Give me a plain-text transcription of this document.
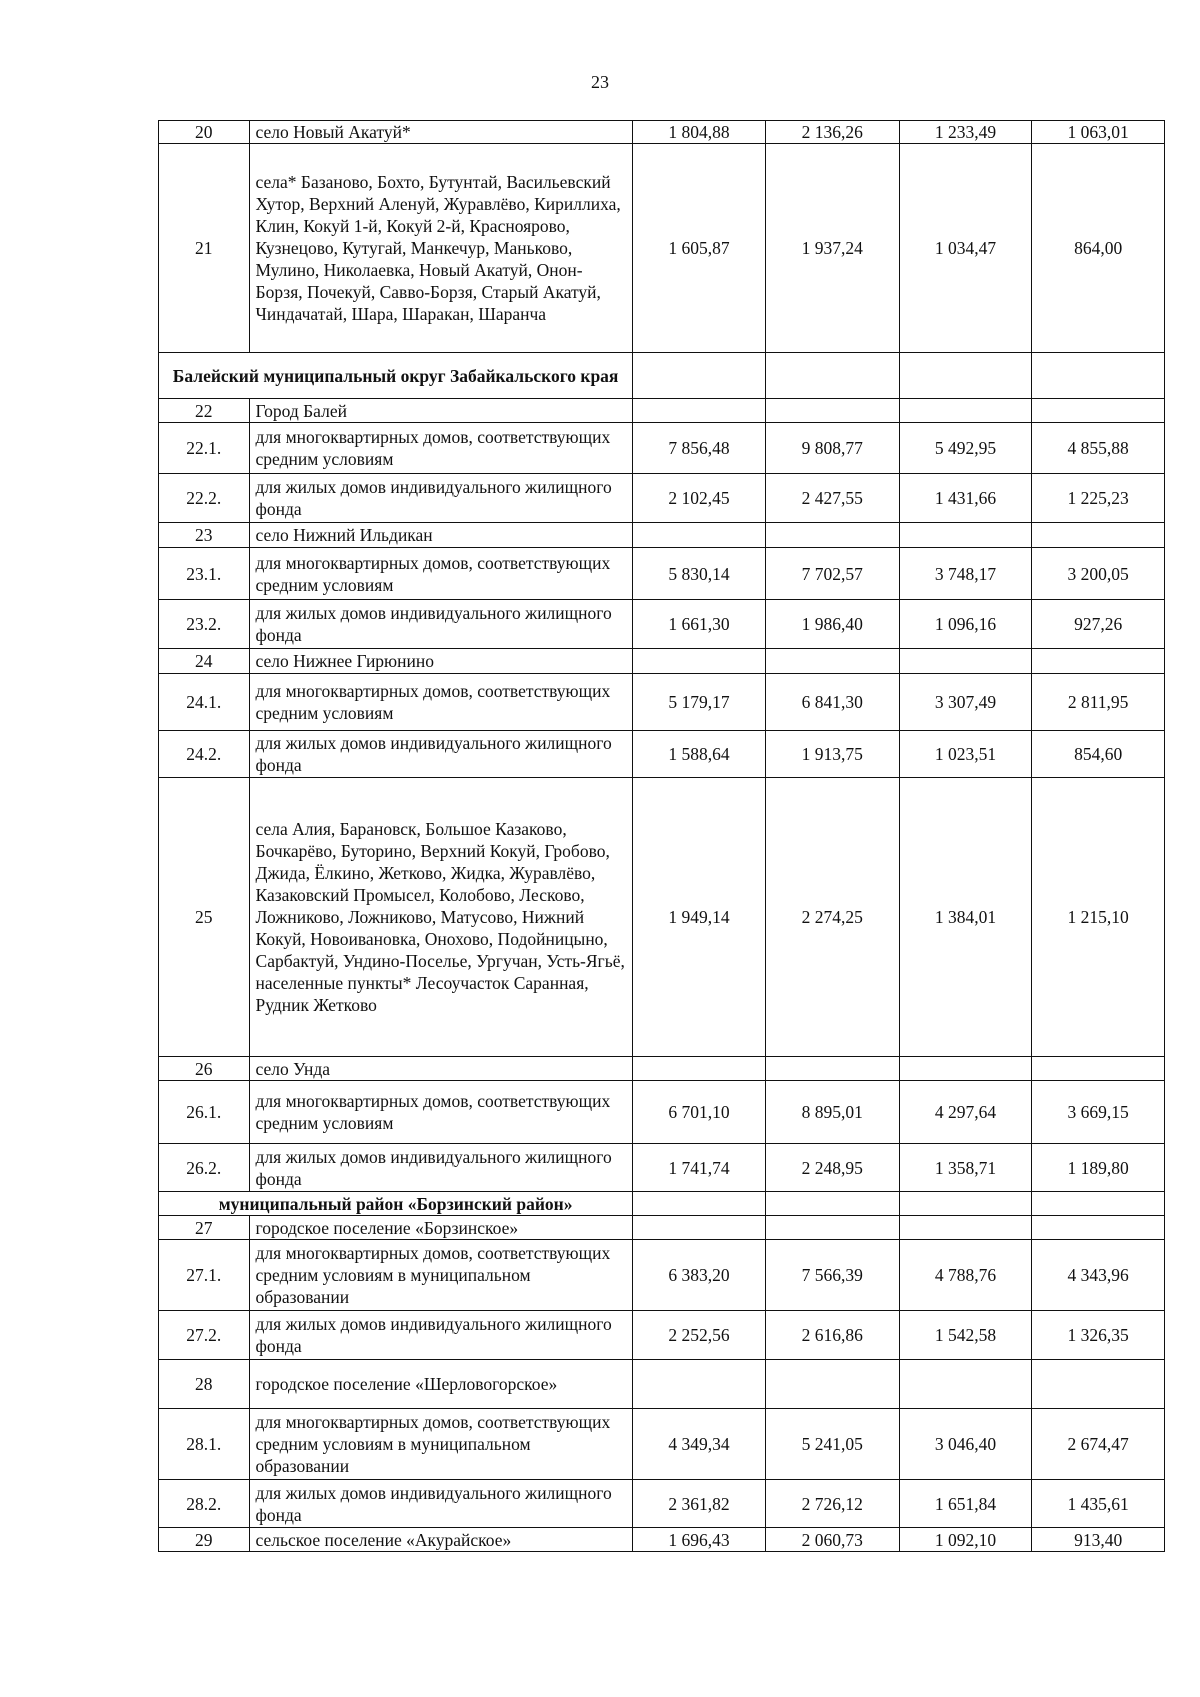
23
20	село Новый Акатуй*	1 804,88	2 136,26	1 233,49	1 063,01
21	села* Базаново, Бохто, Бутунтай, Васильевский Хутор, Верхний Аленуй, Журавлёво, Кириллиха, Клин, Кокуй 1-й, Кокуй 2-й, Красноярово, Кузнецово, Кутугай, Манкечур, Маньково, Мулино, Николаевка, Новый Акатуй, Онон-Борзя, Почекуй, Савво-Борзя, Старый Акатуй, Чиндачатай, Шара, Шаракан, Шаранча	1 605,87	1 937,24	1 034,47	864,00
Балейский муниципальный округ Забайкальского края					
22	Город Балей				
22.1.	для многоквартирных домов, соответствующих средним условиям	7 856,48	9 808,77	5 492,95	4 855,88
22.2.	для жилых домов индивидуального жилищного фонда	2 102,45	2 427,55	1 431,66	1 225,23
23	село Нижний Ильдикан				
23.1.	для многоквартирных домов, соответствующих средним условиям	5 830,14	7 702,57	3 748,17	3 200,05
23.2.	для жилых домов индивидуального жилищного фонда	1 661,30	1 986,40	1 096,16	927,26
24	село Нижнее Гирюнино				
24.1.	для многоквартирных домов, соответствующих средним условиям	5 179,17	6 841,30	3 307,49	2 811,95
24.2.	для жилых домов индивидуального жилищного фонда	1 588,64	1 913,75	1 023,51	854,60
25	села Алия, Барановск, Большое Казаково, Бочкарёво, Буторино, Верхний Кокуй, Гробово, Джида, Ёлкино, Жетково, Жидка, Журавлёво, Казаковский Промысел, Колобово, Лесково, Ложниково, Ложниково, Матусово, Нижний Кокуй, Новоивановка, Онохово, Подойницыно, Сарбактуй, Ундино-Поселье, Ургучан, Усть-Ягьё, населенные пункты* Лесоучасток Саранная, Рудник Жетково	1 949,14	2 274,25	1 384,01	1 215,10
26	село Унда				
26.1.	для многоквартирных домов, соответствующих средним условиям	6 701,10	8 895,01	4 297,64	3 669,15
26.2.	для жилых домов индивидуального жилищного фонда	1 741,74	2 248,95	1 358,71	1 189,80
муниципальный район «Борзинский район»					
27	городское поселение «Борзинское»				
27.1.	для многоквартирных домов, соответствующих средним условиям в муниципальном образовании	6 383,20	7 566,39	4 788,76	4 343,96
27.2.	для жилых домов индивидуального жилищного фонда	2 252,56	2 616,86	1 542,58	1 326,35
28	городское поселение «Шерловогорское»				
28.1.	для многоквартирных домов, соответствующих средним условиям в муниципальном образовании	4 349,34	5 241,05	3 046,40	2 674,47
28.2.	для жилых домов индивидуального жилищного фонда	2 361,82	2 726,12	1 651,84	1 435,61
29	сельское поселение «Акурайское»	1 696,43	2 060,73	1 092,10	913,40
